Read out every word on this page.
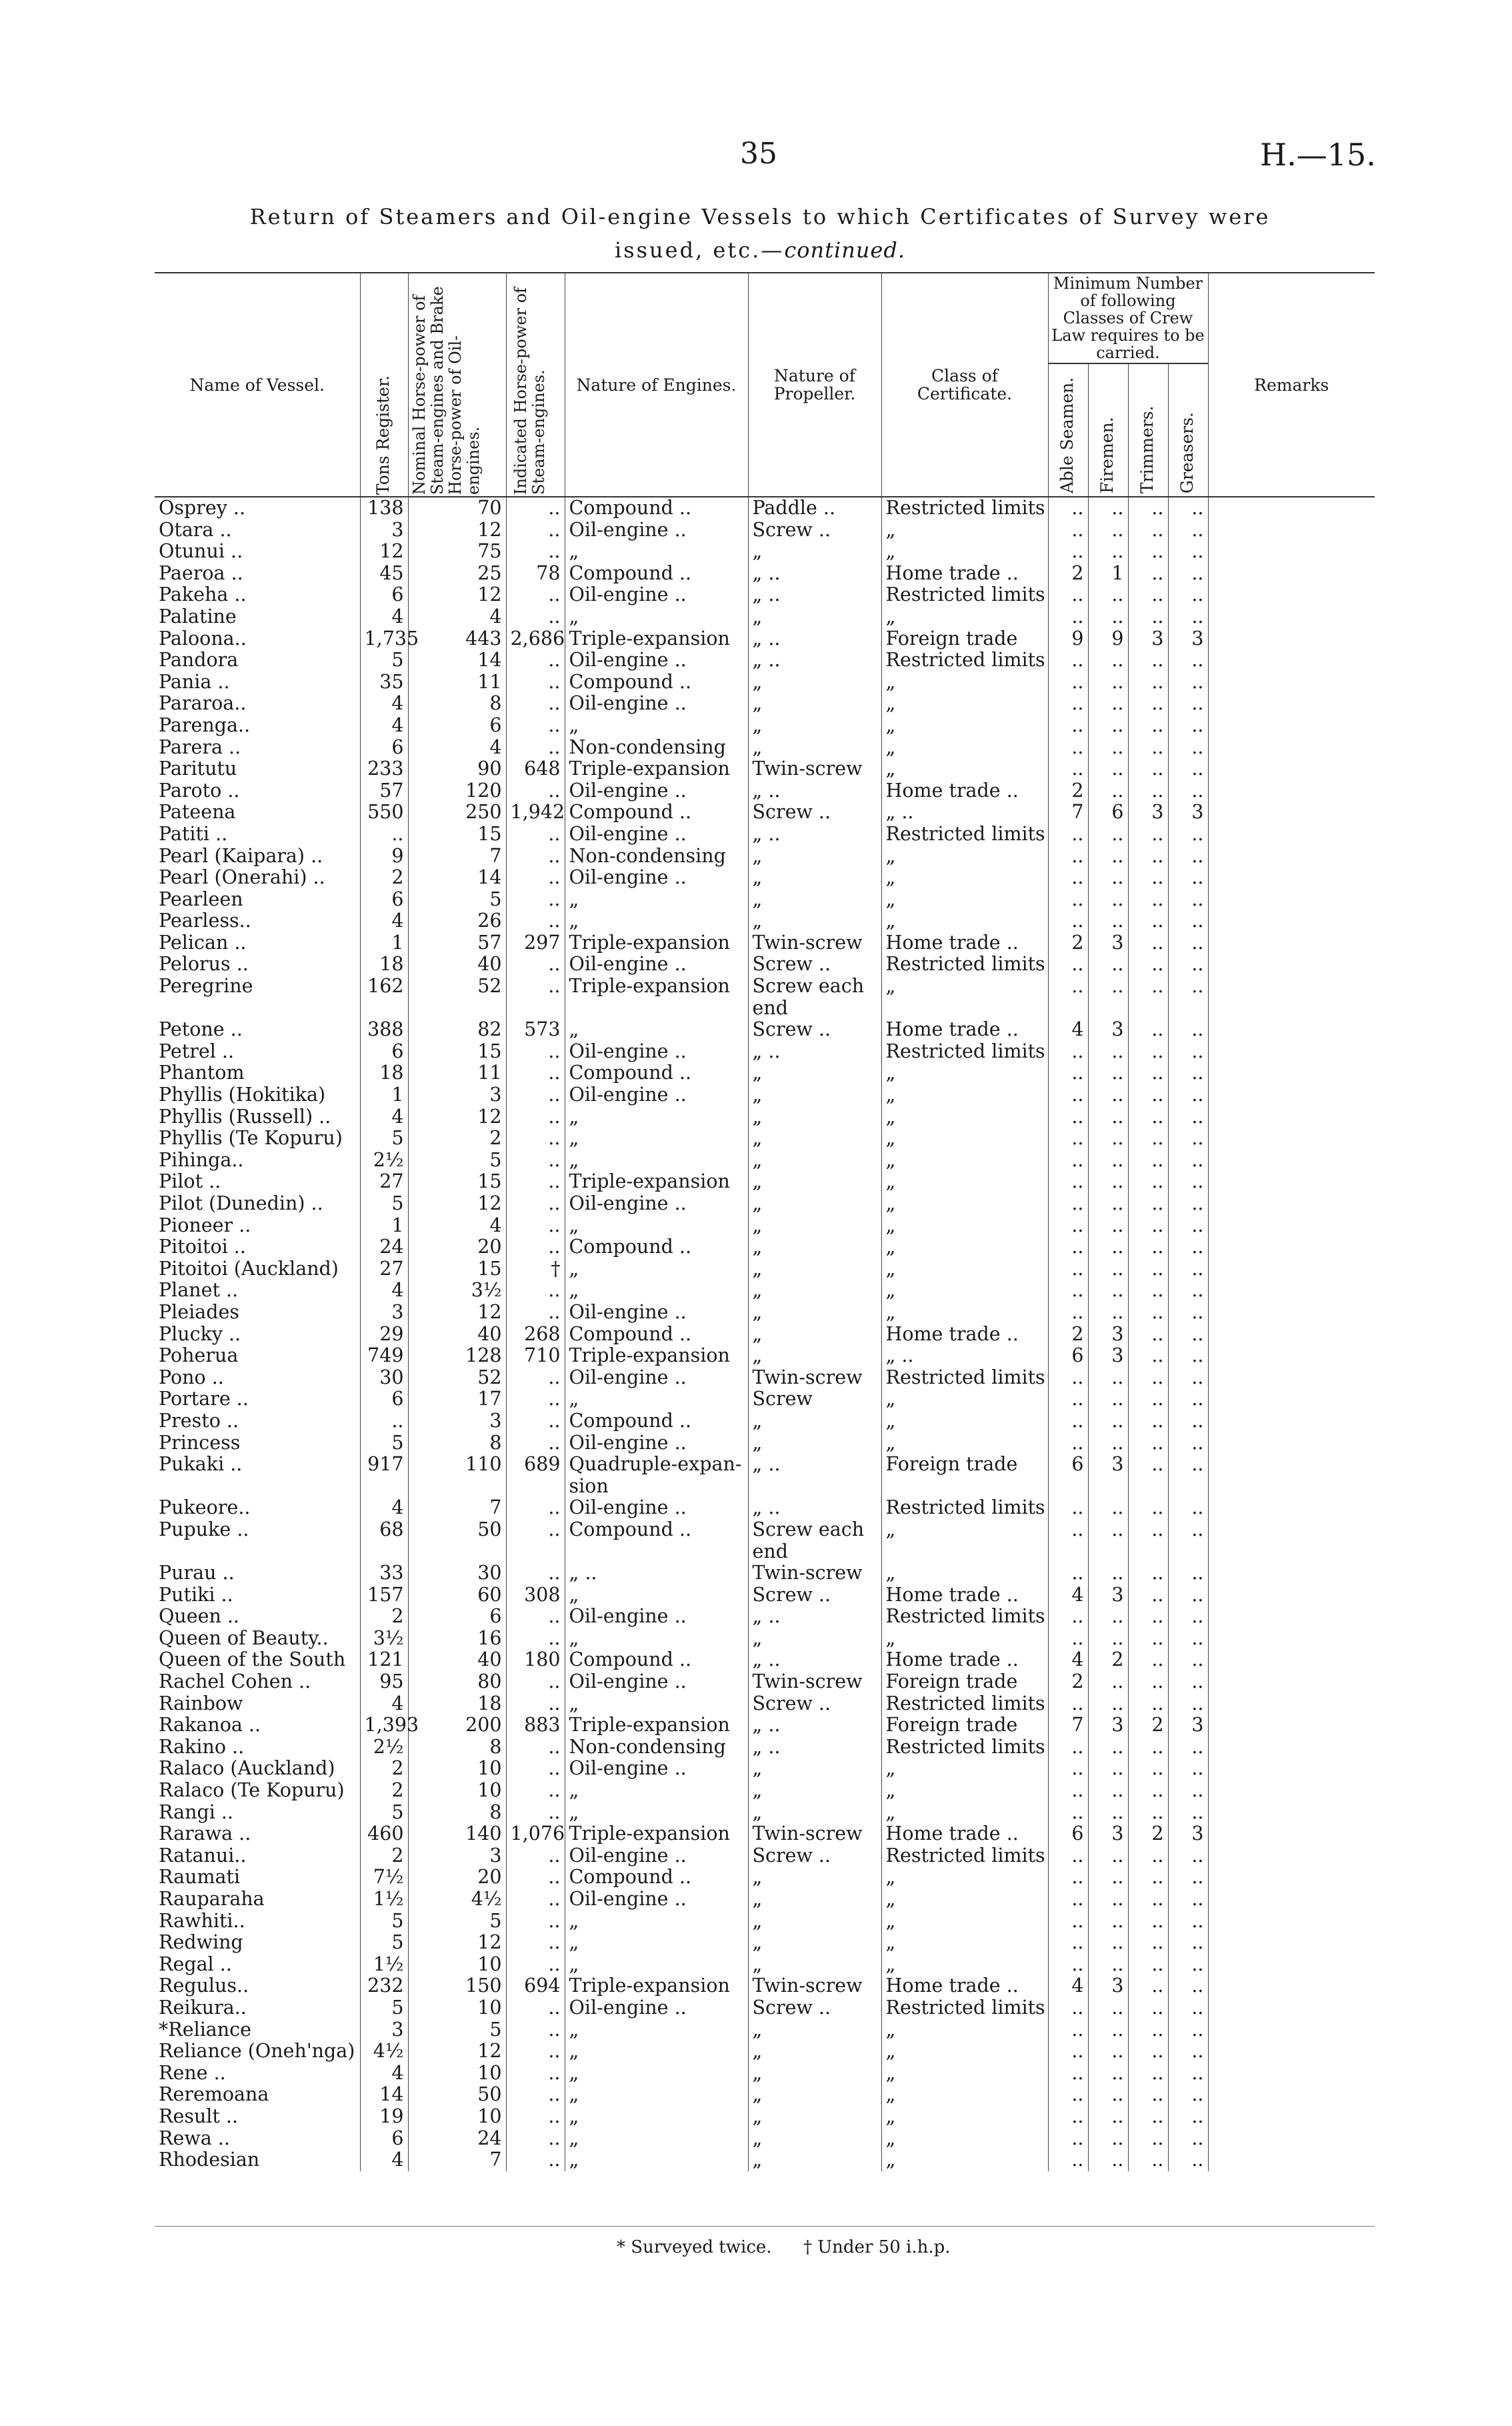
35	H.—15.
Return of Steamers and Oil-engine Vessels to which Certificates of Survey were
issued, etc.—continued.
Name of Vessel.	Tons Register.	Nominal Horse-power of Steam-engines and Brake Horse-power of Oil-engines.	Indicated Horse-power of Steam-engines.	Nature of Engines.	Nature of Propeller.	Class of Certificate.	Minimum Number of following Classes of Crew Law requires to be carried.				Remarks

							Able Seamen.	Firemen.	Trimmers.	Greasers.	

Osprey ..	138	70	..	Compound ..	Paddle ..	Restricted limits	..	..	..	..	
Otara ..	3	12	..	Oil-engine ..	Screw ..	„	..	..	..	..	
Otunui ..	12	75	..	„	„	„	..	..	..	..	
Paeroa ..	45	25	78	Compound ..	„ ..	Home trade ..	2	1	..	..	
Pakeha ..	6	12	..	Oil-engine ..	„ ..	Restricted limits	..	..	..	..	
Palatine	4	4	..	„	„	„	..	..	..	..	
Paloona..	1,735	443	2,686	Triple-expansion	„ ..	Foreign trade	9	9	3	3	
Pandora	5	14	..	Oil-engine ..	„ ..	Restricted limits	..	..	..	..	
Pania ..	35	11	..	Compound ..	„	„	..	..	..	..	
Pararoa..	4	8	..	Oil-engine ..	„	„	..	..	..	..	
Parenga..	4	6	..	„	„	„	..	..	..	..	
Parera ..	6	4	..	Non-condensing	„	„	..	..	..	..	
Paritutu	233	90	648	Triple-expansion	Twin-screw	„	..	..	..	..	
Paroto ..	57	120	..	Oil-engine ..	„ ..	Home trade ..	2	..	..	..	
Pateena	550	250	1,942	Compound ..	Screw ..	„ ..	7	6	3	3	
Patiti ..	..	15	..	Oil-engine ..	„ ..	Restricted limits	..	..	..	..	
Pearl (Kaipara) ..	9	7	..	Non-condensing	„	„	..	..	..	..	
Pearl (Onerahi) ..	2	14	..	Oil-engine ..	„	„	..	..	..	..	
Pearleen	6	5	..	„	„	„	..	..	..	..	
Pearless..	4	26	..	„	„	„	..	..	..	..	
Pelican ..	1	57	297	Triple-expansion	Twin-screw	Home trade ..	2	3	..	..	
Pelorus ..	18	40	..	Oil-engine ..	Screw ..	Restricted limits	..	..	..	..	
Peregrine	162	52	..	Triple-expansion	Screw each	„	..	..	..	..	
					end						
Petone ..	388	82	573	„	Screw ..	Home trade ..	4	3	..	..	
Petrel ..	6	15	..	Oil-engine ..	„ ..	Restricted limits	..	..	..	..	
Phantom	18	11	..	Compound ..	„	„	..	..	..	..	
Phyllis (Hokitika)	1	3	..	Oil-engine ..	„	„	..	..	..	..	
Phyllis (Russell) ..	4	12	..	„	„	„	..	..	..	..	
Phyllis (Te Kopuru)	5	2	..	„	„	„	..	..	..	..	
Pihinga..	2½	5	..	„	„	„	..	..	..	..	
Pilot ..	27	15	..	Triple-expansion	„	„	..	..	..	..	
Pilot (Dunedin) ..	5	12	..	Oil-engine ..	„	„	..	..	..	..	
Pioneer ..	1	4	..	„	„	„	..	..	..	..	
Pitoitoi ..	24	20	..	Compound ..	„	„	..	..	..	..	
Pitoitoi (Auckland)	27	15	†	„	„	„	..	..	..	..	
Planet ..	4	3½	..	„	„	„	..	..	..	..	
Pleiades	3	12	..	Oil-engine ..	„	„	..	..	..	..	
Plucky ..	29	40	268	Compound ..	„	Home trade ..	2	3	..	..	
Poherua	749	128	710	Triple-expansion	„	„ ..	6	3	..	..	
Pono ..	30	52	..	Oil-engine ..	Twin-screw	Restricted limits	..	..	..	..	
Portare ..	6	17	..	„	Screw	„	..	..	..	..	
Presto ..	..	3	..	Compound ..	„	„	..	..	..	..	
Princess	5	8	..	Oil-engine ..	„	„	..	..	..	..	
Pukaki ..	917	110	689	Quadruple-expan-	„ ..	Foreign trade	6	3	..	..	
				sion							
Pukeore..	4	7	..	Oil-engine ..	„ ..	Restricted limits	..	..	..	..	
Pupuke ..	68	50	..	Compound ..	Screw each	„	..	..	..	..	
					end						
Purau ..	33	30	..	„ ..	Twin-screw	„	..	..	..	..	
Putiki ..	157	60	308	„	Screw ..	Home trade ..	4	3	..	..	
Queen ..	2	6	..	Oil-engine ..	„ ..	Restricted limits	..	..	..	..	
Queen of Beauty..	3½	16	..	„	„	„	..	..	..	..	
Queen of the South	121	40	180	Compound ..	„ ..	Home trade ..	4	2	..	..	
Rachel Cohen ..	95	80	..	Oil-engine ..	Twin-screw	Foreign trade	2	..	..	..	
Rainbow	4	18	..	„	Screw ..	Restricted limits	..	..	..	..	
Rakanoa ..	1,393	200	883	Triple-expansion	„ ..	Foreign trade	7	3	2	3	
Rakino ..	2½	8	..	Non-condensing	„ ..	Restricted limits	..	..	..	..	
Ralaco (Auckland)	2	10	..	Oil-engine ..	„	„	..	..	..	..	
Ralaco (Te Kopuru)	2	10	..	„	„	„	..	..	..	..	
Rangi ..	5	8	..	„	„	„	..	..	..	..	
Rarawa ..	460	140	1,076	Triple-expansion	Twin-screw	Home trade ..	6	3	2	3	
Ratanui..	2	3	..	Oil-engine ..	Screw ..	Restricted limits	..	..	..	..	
Raumati	7½	20	..	Compound ..	„	„	..	..	..	..	
Rauparaha	1½	4½	..	Oil-engine ..	„	„	..	..	..	..	
Rawhiti..	5	5	..	„	„	„	..	..	..	..	
Redwing	5	12	..	„	„	„	..	..	..	..	
Regal ..	1½	10	..	„	„	„	..	..	..	..	
Regulus..	232	150	694	Triple-expansion	Twin-screw	Home trade ..	4	3	..	..	
Reikura..	5	10	..	Oil-engine ..	Screw ..	Restricted limits	..	..	..	..	
*Reliance	3	5	..	„	„	„	..	..	..	..	
Reliance (Oneh'nga)	4½	12	..	„	„	„	..	..	..	..	
Rene ..	4	10	..	„	„	„	..	..	..	..	
Reremoana	14	50	..	„	„	„	..	..	..	..	
Result ..	19	10	..	„	„	„	..	..	..	..	
Rewa ..	6	24	..	„	„	„	..	..	..	..	
Rhodesian	4	7	..	„	„	„	..	..	..	..	
* Surveyed twice. † Under 50 i.h.p.
